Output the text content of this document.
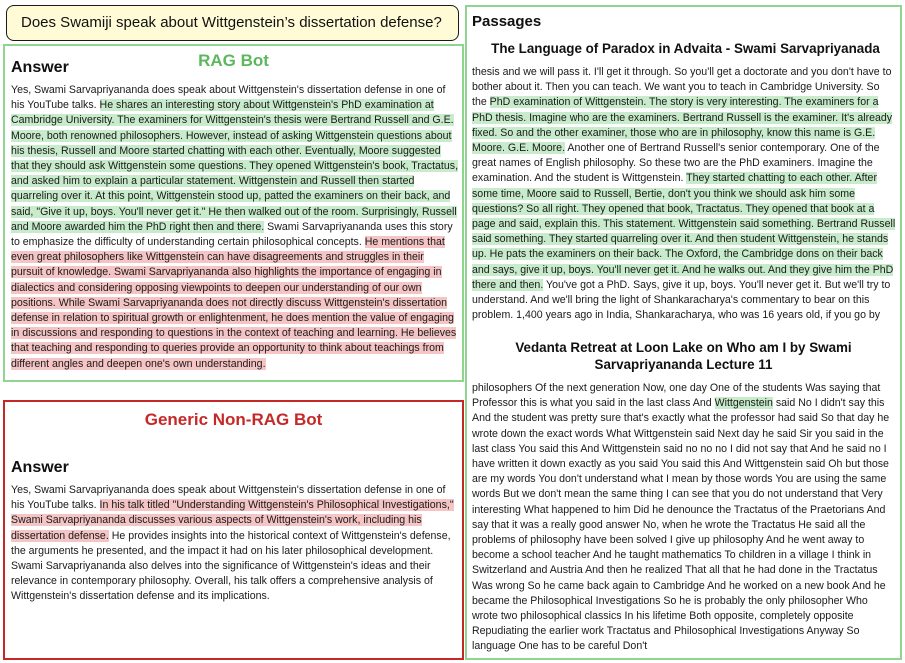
Does Swamiji speak about Wittgenstein’s dissertation defense?
RAG Bot
Answer
Yes, Swami Sarvapriyananda does speak about Wittgenstein's dissertation defense in one of his YouTube talks. He shares an interesting story about Wittgenstein's PhD examination at Cambridge University. The examiners for Wittgenstein's thesis were Bertrand Russell and G.E. Moore, both renowned philosophers. However, instead of asking Wittgenstein questions about his thesis, Russell and Moore started chatting with each other. Eventually, Moore suggested that they should ask Wittgenstein some questions. They opened Wittgenstein's book, Tractatus, and asked him to explain a particular statement. Wittgenstein and Russell then started quarreling over it. At this point, Wittgenstein stood up, patted the examiners on their back, and said, "Give it up, boys. You'll never get it." He then walked out of the room. Surprisingly, Russell and Moore awarded him the PhD right then and there. Swami Sarvapriyananda uses this story to emphasize the difficulty of understanding certain philosophical concepts. He mentions that even great philosophers like Wittgenstein can have disagreements and struggles in their pursuit of knowledge. Swami Sarvapriyananda also highlights the importance of engaging in dialectics and considering opposing viewpoints to deepen our understanding of our own positions. While Swami Sarvapriyananda does not directly discuss Wittgenstein's dissertation defense in relation to spiritual growth or enlightenment, he does mention the value of engaging in discussions and responding to questions in the context of teaching and learning. He believes that teaching and responding to queries provide an opportunity to think about teachings from different angles and deepen one's own understanding.
Generic Non-RAG Bot
Answer
Yes, Swami Sarvapriyananda does speak about Wittgenstein's dissertation defense in one of his YouTube talks. In his talk titled "Understanding Wittgenstein's Philosophical Investigations," Swami Sarvapriyananda discusses various aspects of Wittgenstein's work, including his dissertation defense. He provides insights into the historical context of Wittgenstein's defense, the arguments he presented, and the impact it had on his later philosophical development. Swami Sarvapriyananda also delves into the significance of Wittgenstein's ideas and their relevance in contemporary philosophy. Overall, his talk offers a comprehensive analysis of Wittgenstein's dissertation defense and its implications.
Passages
The Language of Paradox in Advaita - Swami Sarvapriyanada
thesis and we will pass it. I'll get it through. So you'll get a doctorate and you don't have to bother about it. Then you can teach. We want you to teach in Cambridge University. So the PhD examination of Wittgenstein. The story is very interesting. The examiners for a PhD thesis. Imagine who are the examiners. Bertrand Russell is the examiner. It's already fixed. So and the other examiner, those who are in philosophy, know this name is G.E. Moore. G.E. Moore. Another one of Bertrand Russell's senior contemporary. One of the great names of English philosophy. So these two are the PhD examiners. Imagine the examination. And the student is Wittgenstein. They started chatting to each other. After some time, Moore said to Russell, Bertie, don't you think we should ask him some questions? So all right. They opened that book, Tractatus. They opened that book at a page and said, explain this. This statement. Wittgenstein said something. Bertrand Russell said something. They started quarreling over it. And then student Wittgenstein, he stands up. He pats the examiners on their back. The Oxford, the Cambridge dons on their back and says, give it up, boys. You'll never get it. And he walks out. And they give him the PhD there and then. You've got a PhD. Says, give it up, boys. You'll never get it. But we'll try to understand. And we'll bring the light of Shankaracharya's commentary to bear on this problem. 1,400 years ago in India, Shankaracharya, who was 16 years old, if you go by
Vedanta Retreat at Loon Lake on Who am I by Swami Sarvapriyananda Lecture 11
philosophers Of the next generation Now, one day One of the students Was saying that Professor this is what you said in the last class And Wittgenstein said No I didn't say this And the student was pretty sure that's exactly what the professor had said So that day he wrote down the exact words What Wittgenstein said Next day he said Sir you said in the last class You said this And Wittgenstein said no no no I did not say that And he said no I have written it down exactly as you said You said this And Wittgenstein said Oh but those are my words You don't understand what I mean by those words You are using the same words But we don't mean the same thing I can see that you do not understand that Very interesting What happened to him Did he denounce the Tractatus of the Praetorians And say that it was a really good answer No, when he wrote the Tractatus He said all the problems of philosophy have been solved I give up philosophy And he went away to become a school teacher And he taught mathematics To children in a village I think in Switzerland and Austria And then he realized That all that he had done in the Tractatus Was wrong So he came back again to Cambridge And he worked on a new book And he became the Philosophical Investigations So he is probably the only philosopher Who wrote two philosophical classics In his lifetime Both opposite, completely opposite Repudiating the earlier work Tractatus and Philosophical Investigations Anyway So language One has to be careful Don't
